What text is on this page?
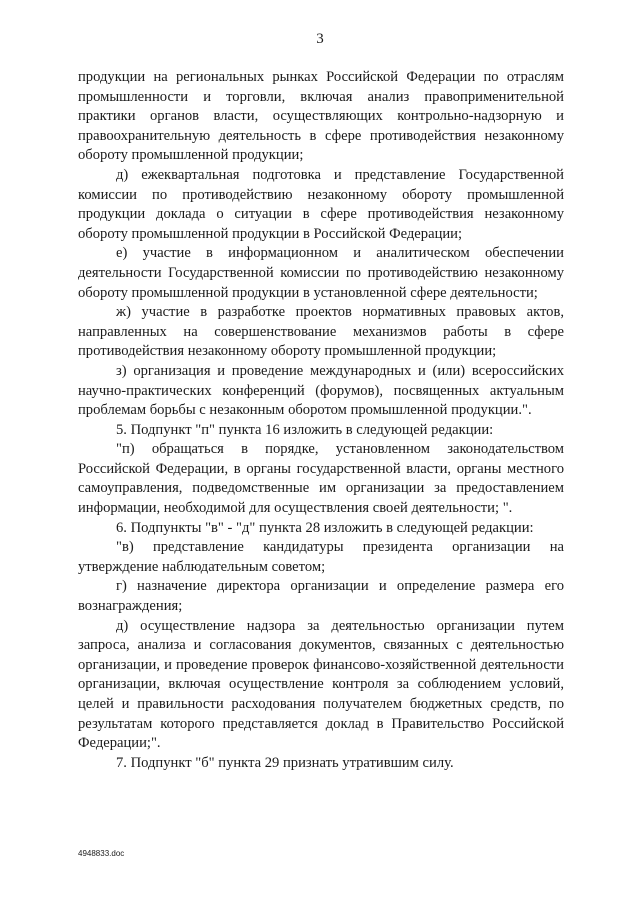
3

продукции на региональных рынках Российской Федерации по отраслям промышленности и торговли, включая анализ правоприменительной практики органов власти, осуществляющих контрольно-надзорную и правоохранительную деятельность в сфере противодействия незаконному обороту промышленной продукции;

д) ежеквартальная подготовка и представление Государственной комиссии по противодействию незаконному обороту промышленной продукции доклада о ситуации в сфере противодействия незаконному обороту промышленной продукции в Российской Федерации;

е) участие в информационном и аналитическом обеспечении деятельности Государственной комиссии по противодействию незаконному обороту промышленной продукции в установленной сфере деятельности;

ж) участие в разработке проектов нормативных правовых актов, направленных на совершенствование механизмов работы в сфере противодействия незаконному обороту промышленной продукции;

з) организация и проведение международных и (или) всероссийских научно-практических конференций (форумов), посвященных актуальным проблемам борьбы с незаконным оборотом промышленной продукции.".

5. Подпункт "п" пункта 16 изложить в следующей редакции:

"п) обращаться в порядке, установленном законодательством Российской Федерации, в органы государственной власти, органы местного самоуправления, подведомственные им организации за предоставлением информации, необходимой для осуществления своей деятельности; ".

6. Подпункты "в" - "д" пункта 28 изложить в следующей редакции:

"в) представление кандидатуры президента организации на утверждение наблюдательным советом;

г) назначение директора организации и определение размера его вознаграждения;

д) осуществление надзора за деятельностью организации путем запроса, анализа и согласования документов, связанных с деятельностью организации, и проведение проверок финансово-хозяйственной деятельности организации, включая осуществление контроля за соблюдением условий, целей и правильности расходования получателем бюджетных средств, по результатам которого представляется доклад в Правительство Российской Федерации;".

7. Подпункт "б" пункта 29 признать утратившим силу.

4948833.doc
